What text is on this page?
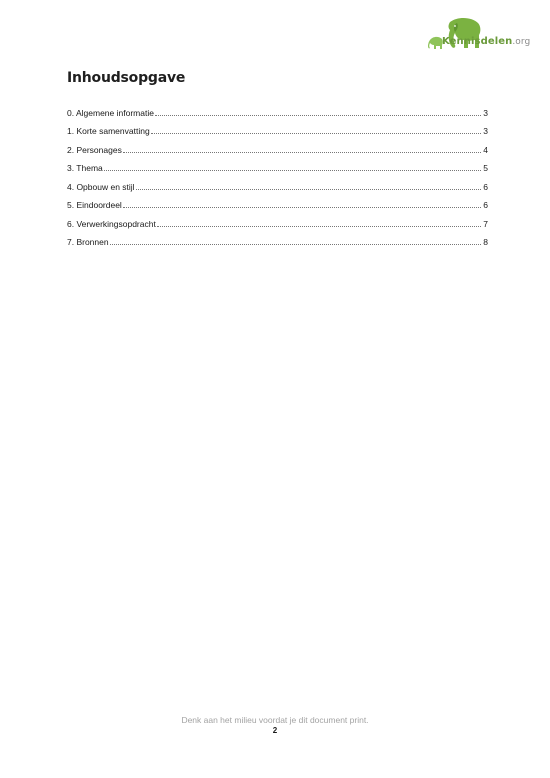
Kennisdelen.org
Inhoudsopgave
0. Algemene informatie	3
1. Korte samenvatting	3
2. Personages	4
3. Thema	5
4. Opbouw en stijl	6
5. Eindoordeel	6
6. Verwerkingsopdracht	7
7. Bronnen	8
Denk aan het milieu voordat je dit document print.
2
